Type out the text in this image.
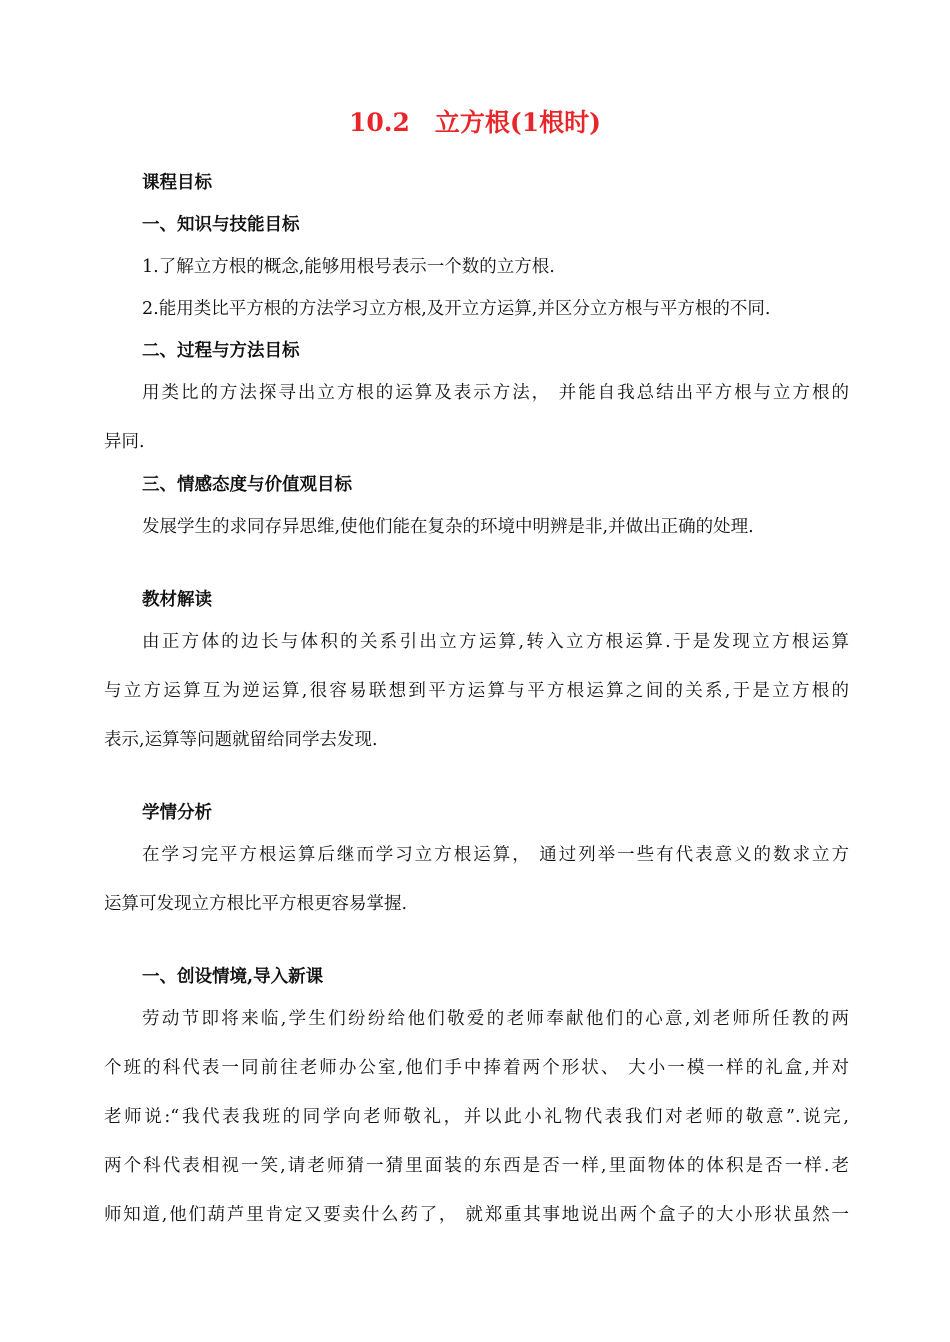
10.2　立方根(1根时)
课程目标
一、知识与技能目标
1.了解立方根的概念,能够用根号表示一个数的立方根.
2.能用类比平方根的方法学习立方根,及开立方运算,并区分立方根与平方根的不同.
二、过程与方法目标
用类比的方法探寻出立方根的运算及表示方法， 并能自我总结出平方根与立方根的
异同.
三、情感态度与价值观目标
发展学生的求同存异思维,使他们能在复杂的环境中明辨是非,并做出正确的处理.
教材解读
由正方体的边长与体积的关系引出立方运算,转入立方根运算.于是发现立方根运算
与立方运算互为逆运算,很容易联想到平方运算与平方根运算之间的关系,于是立方根的
表示,运算等问题就留给同学去发现.
学情分析
在学习完平方根运算后继而学习立方根运算， 通过列举一些有代表意义的数求立方
运算可发现立方根比平方根更容易掌握.
一、创设情境,导入新课
劳动节即将来临,学生们纷纷给他们敬爱的老师奉献他们的心意,刘老师所任教的两
个班的科代表一同前往老师办公室,他们手中捧着两个形状、 大小一模一样的礼盒,并对
老师说:“我代表我班的同学向老师敬礼，并以此小礼物代表我们对老师的敬意”.说完,
两个科代表相视一笑,请老师猜一猜里面装的东西是否一样,里面物体的体积是否一样.老
师知道,他们葫芦里肯定又要卖什么药了， 就郑重其事地说出两个盒子的大小形状虽然一
